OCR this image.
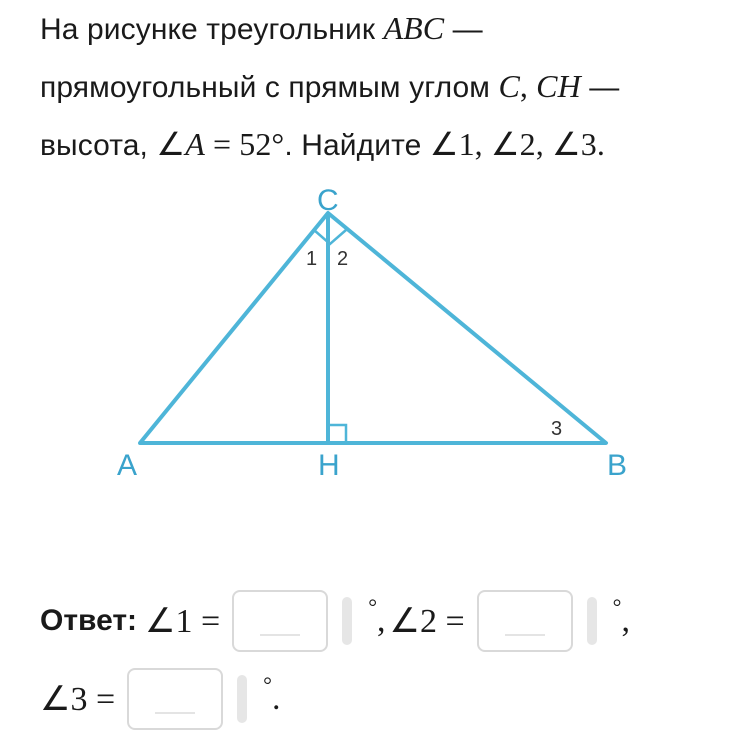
На рисунке треугольник ABC —
прямоугольный с прямым углом C, CH —
высота, ∠A = 52°. Найдите ∠1, ∠2, ∠3.
C
A	H	B
1 2
3
Ответ: ∠1 =	° , ∠2 =	° ,
∠3 =	° .
